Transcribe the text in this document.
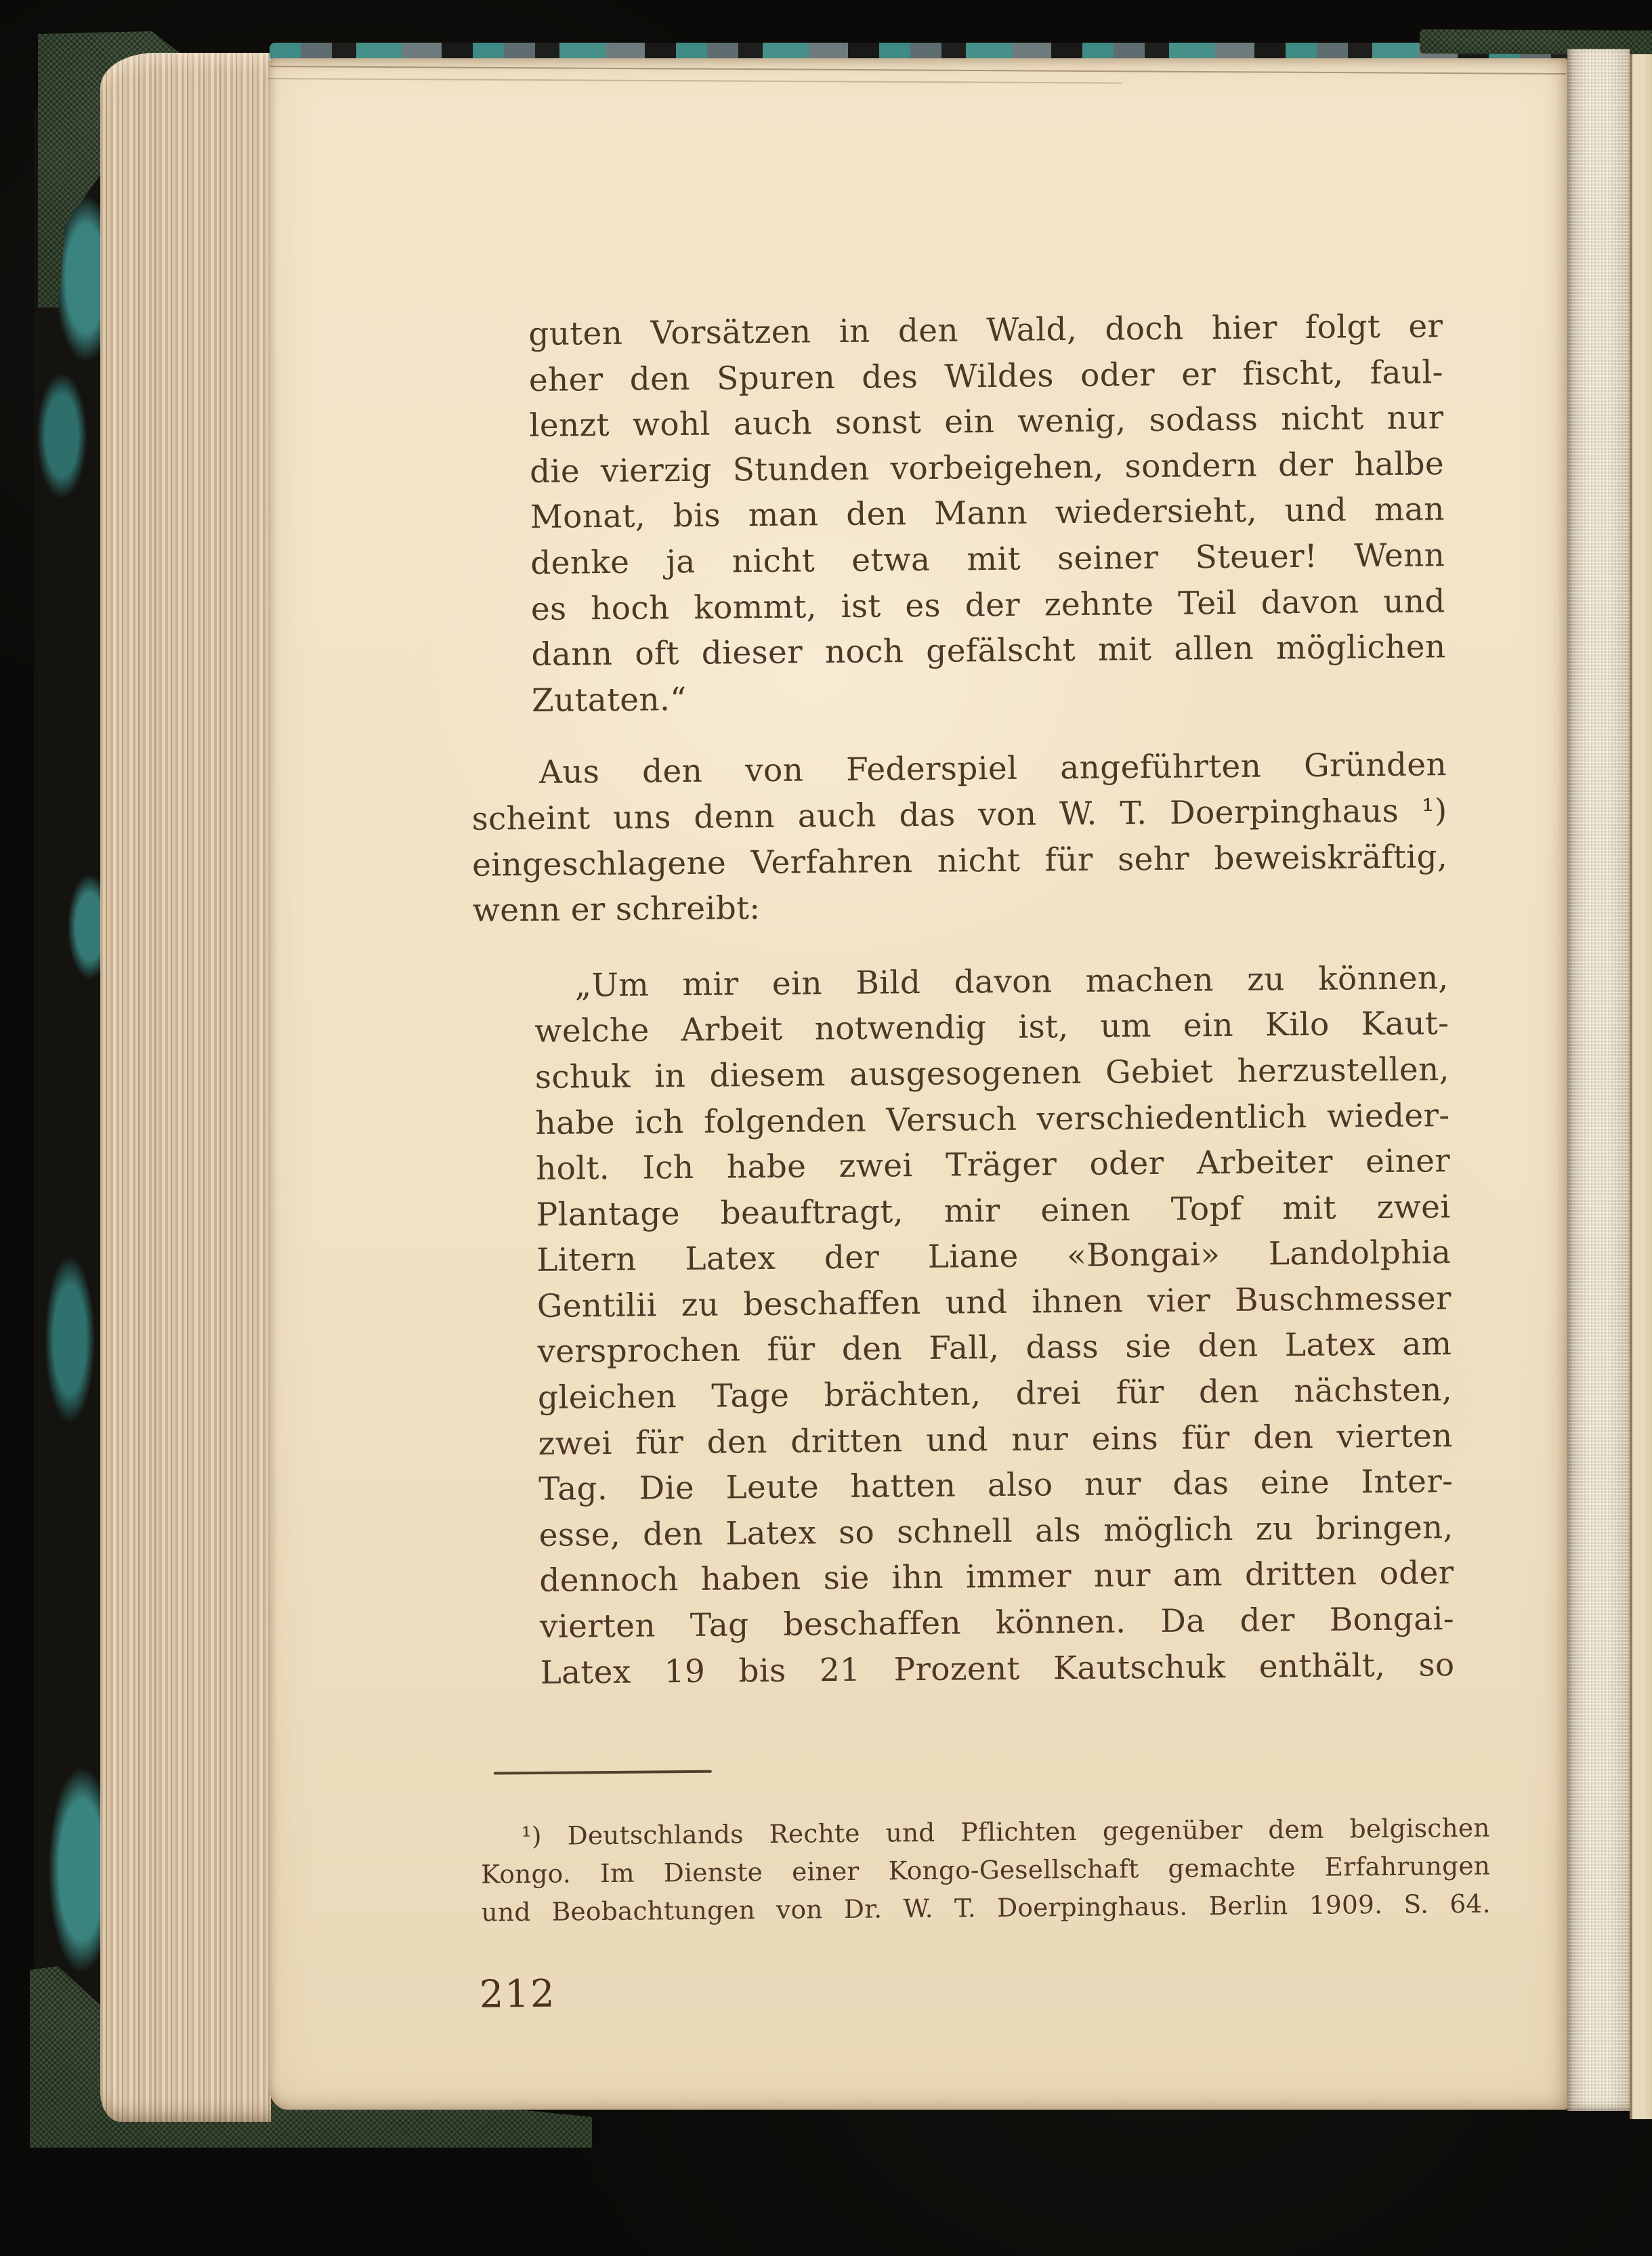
guten Vorsätzen in den Wald, doch hier folgt er
eher den Spuren des Wildes oder er fischt, faul-
lenzt wohl auch sonst ein wenig, sodass nicht nur
die vierzig Stunden vorbeigehen, sondern der halbe
Monat, bis man den Mann wiedersieht, und man
denke ja nicht etwa mit seiner Steuer! Wenn
es hoch kommt, ist es der zehnte Teil davon und
dann oft dieser noch gefälscht mit allen möglichen
Zutaten.“
Aus den von Federspiel angeführten Gründen
scheint uns denn auch das von W. T. Doerpinghaus ¹)
eingeschlagene Verfahren nicht für sehr beweiskräftig,
wenn er schreibt:
„Um mir ein Bild davon machen zu können,
welche Arbeit notwendig ist, um ein Kilo Kaut-
schuk in diesem ausgesogenen Gebiet herzustellen,
habe ich folgenden Versuch verschiedentlich wieder-
holt. Ich habe zwei Träger oder Arbeiter einer
Plantage beauftragt, mir einen Topf mit zwei
Litern Latex der Liane «Bongai» Landolphia
Gentilii zu beschaffen und ihnen vier Buschmesser
versprochen für den Fall, dass sie den Latex am
gleichen Tage brächten, drei für den nächsten,
zwei für den dritten und nur eins für den vierten
Tag. Die Leute hatten also nur das eine Inter-
esse, den Latex so schnell als möglich zu bringen,
dennoch haben sie ihn immer nur am dritten oder
vierten Tag beschaffen können. Da der Bongai-
Latex 19 bis 21 Prozent Kautschuk enthält, so
¹) Deutschlands Rechte und Pflichten gegenüber dem belgischen
Kongo. Im Dienste einer Kongo-Gesellschaft gemachte Erfahrungen
und Beobachtungen von Dr. W. T. Doerpinghaus. Berlin 1909. S. 64.
212
